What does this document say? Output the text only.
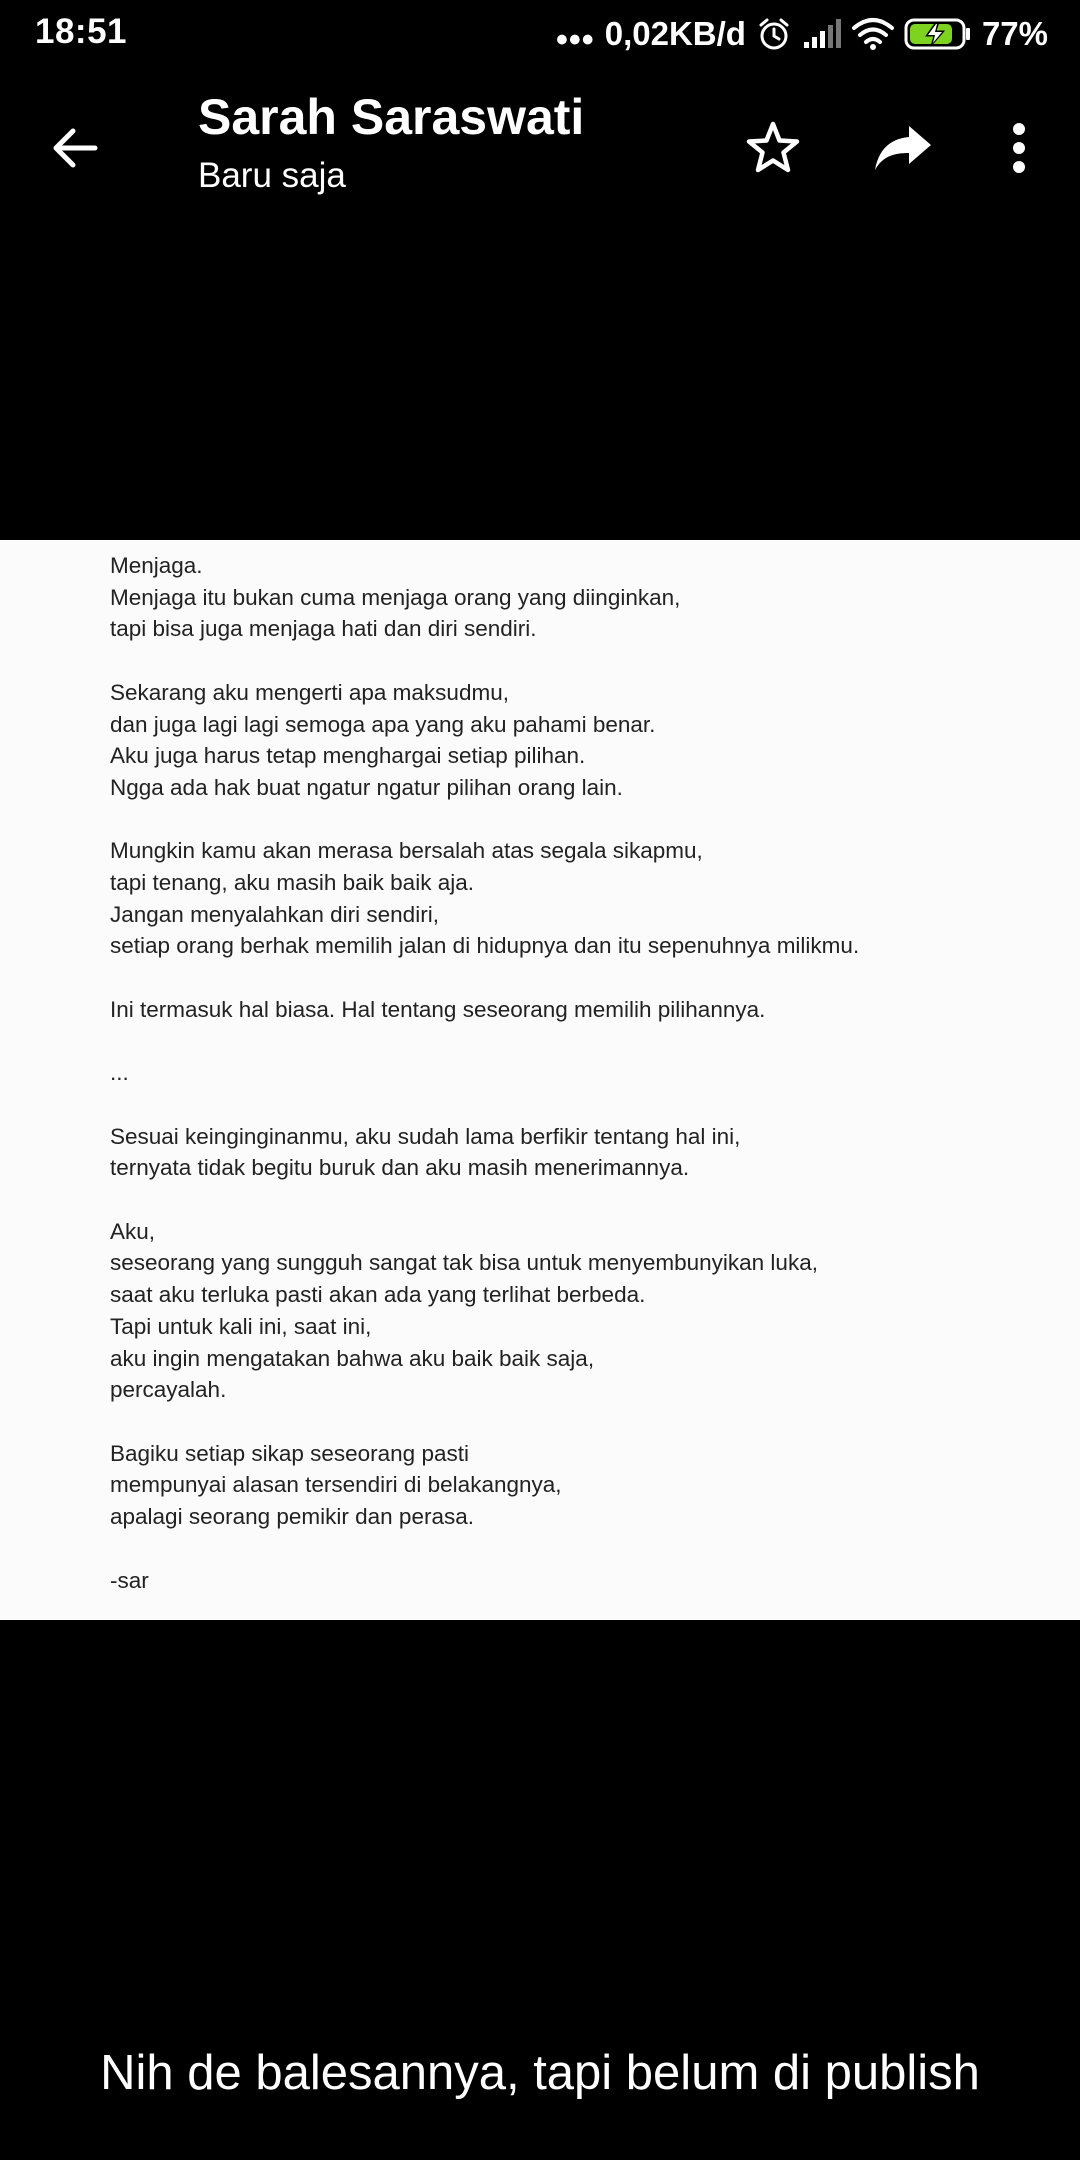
18:51	••• 0,02KB/d	77%
Sarah Saraswati
Baru saja
Menjaga.
Menjaga itu bukan cuma menjaga orang yang diinginkan,
tapi bisa juga menjaga hati dan diri sendiri.

Sekarang aku mengerti apa maksudmu,
dan juga lagi lagi semoga apa yang aku pahami benar.
Aku juga harus tetap menghargai setiap pilihan.
Ngga ada hak buat ngatur ngatur pilihan orang lain.

Mungkin kamu akan merasa bersalah atas segala sikapmu,
tapi tenang, aku masih baik baik aja.
Jangan menyalahkan diri sendiri,
setiap orang berhak memilih jalan di hidupnya dan itu sepenuhnya milikmu.

Ini termasuk hal biasa. Hal tentang seseorang memilih pilihannya.

...

Sesuai keinginginanmu, aku sudah lama berfikir tentang hal ini,
ternyata tidak begitu buruk dan aku masih menerimannya.

Aku,
seseorang yang sungguh sangat tak bisa untuk menyembunyikan luka,
saat aku terluka pasti akan ada yang terlihat berbeda.
Tapi untuk kali ini, saat ini,
aku ingin mengatakan bahwa aku baik baik saja,
percayalah.

Bagiku setiap sikap seseorang pasti
mempunyai alasan tersendiri di belakangnya,
apalagi seorang pemikir dan perasa.

-sar
Nih de balesannya, tapi belum di publish
